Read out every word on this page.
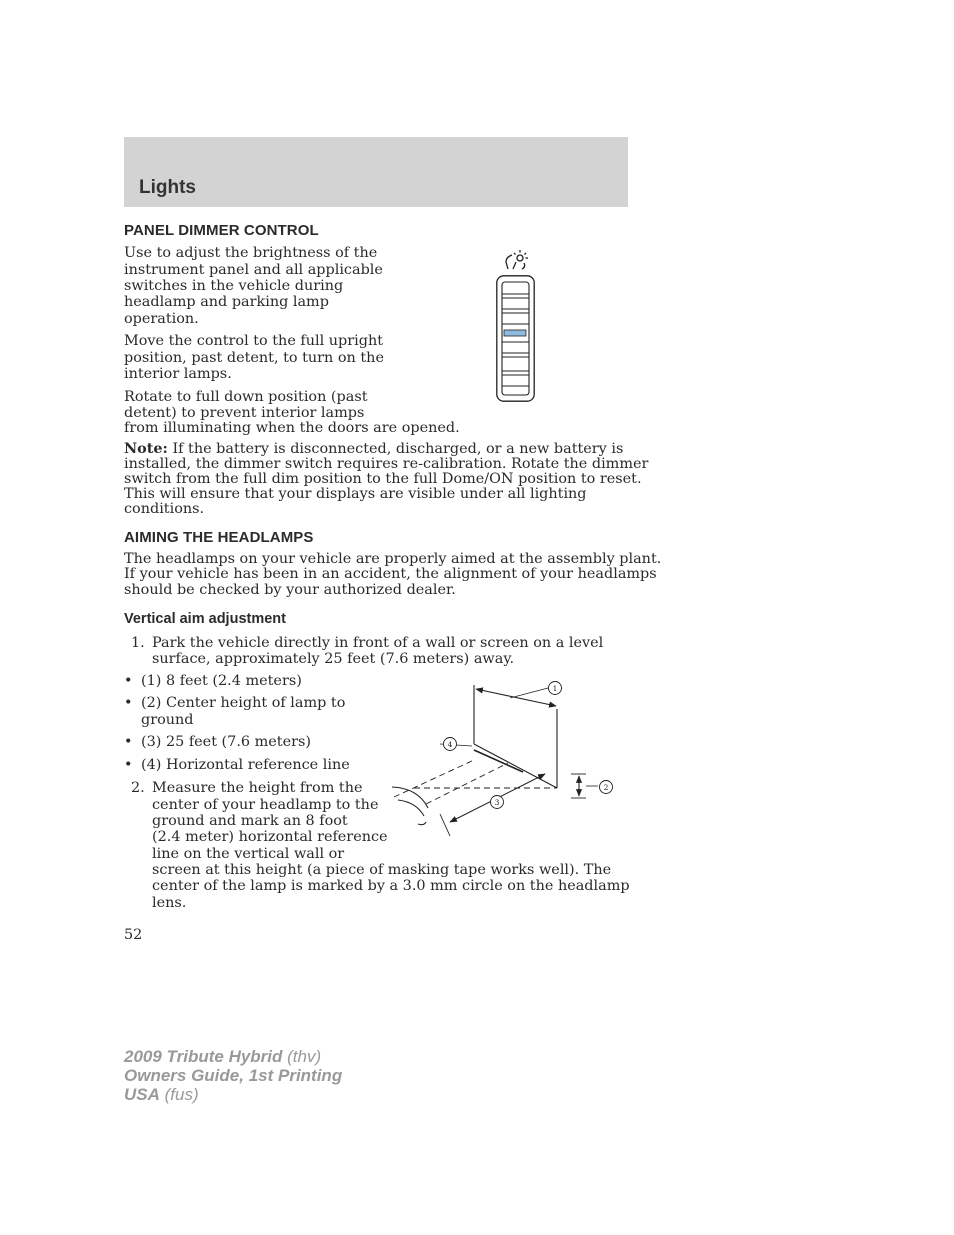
Lights
PANEL DIMMER CONTROL

Use to adjust the brightness of the

instrument panel and all applicable

switches in the vehicle during

headlamp and parking lamp

operation.

Move the control to the full upright

position, past detent, to turn on the

interior lamps.

Rotate to full down position (past

detent) to prevent interior lamps

from illuminating when the doors are opened.

Note: If the battery is disconnected, discharged, or a new battery is

installed, the dimmer switch requires re-calibration. Rotate the dimmer

switch from the full dim position to the full Dome/ON position to reset.

This will ensure that your displays are visible under all lighting

conditions.

AIMING THE HEADLAMPS

The headlamps on your vehicle are properly aimed at the assembly plant.

If your vehicle has been in an accident, the alignment of your headlamps

should be checked by your authorized dealer.

Vertical aim adjustment
1. Park the vehicle directly in front of a wall or screen on a level

surface, approximately 25 feet (7.6 meters) away.

• (1) 8 feet (2.4 meters)
• (2) Center height of lamp to
ground
• (3) 25 feet (7.6 meters)
• (4) Horizontal reference line
2. Measure the height from the

center of your headlamp to the

ground and mark an 8 foot

(2.4 meter) horizontal reference

line on the vertical wall or

screen at this height (a piece of masking tape works well). The

center of the lamp is marked by a 3.0 mm circle on the headlamp

lens.

1
2
3
4

52

2009 Tribute Hybrid (thv)
Owners Guide, 1st Printing
USA (fus)
